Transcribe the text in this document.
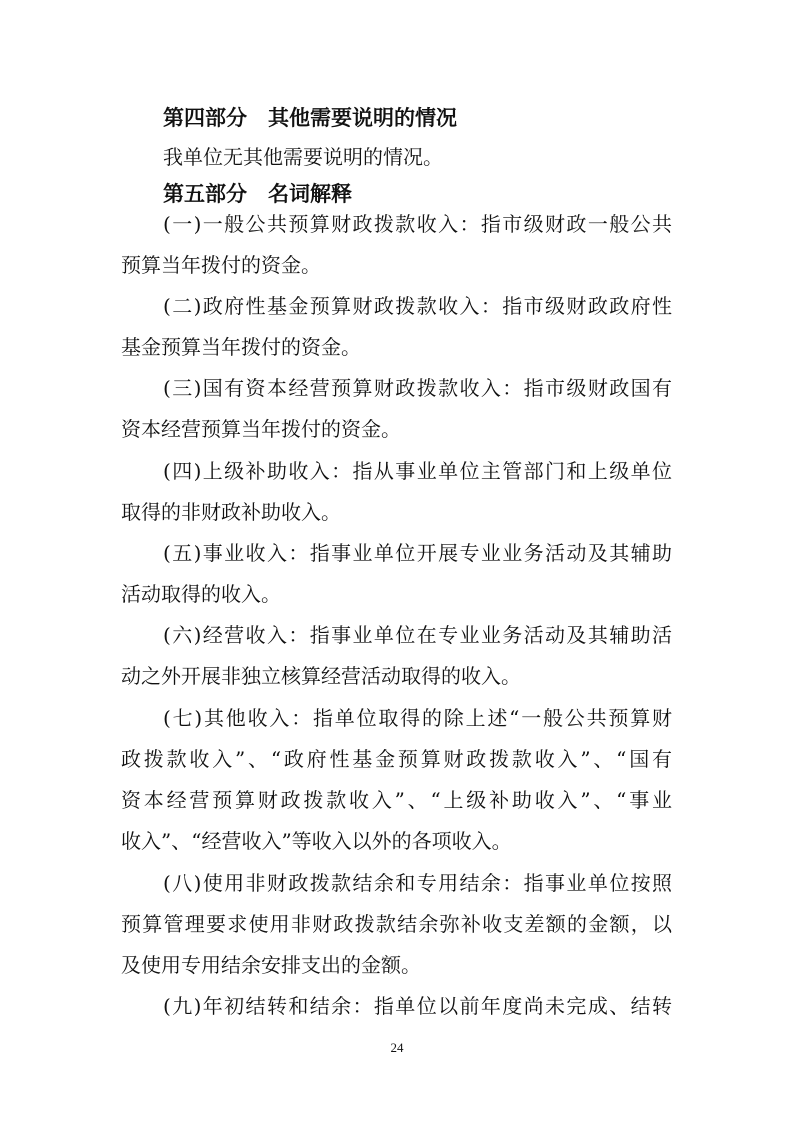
第四部分　其他需要说明的情况
我单位无其他需要说明的情况。
第五部分　名词解释
(一)一般公共预算财政拨款收入：指市级财政一般公共
预算当年拨付的资金。
(二)政府性基金预算财政拨款收入：指市级财政政府性
基金预算当年拨付的资金。
(三)国有资本经营预算财政拨款收入：指市级财政国有
资本经营预算当年拨付的资金。
(四)上级补助收入：指从事业单位主管部门和上级单位
取得的非财政补助收入。
(五)事业收入：指事业单位开展专业业务活动及其辅助
活动取得的收入。
(六)经营收入：指事业单位在专业业务活动及其辅助活
动之外开展非独立核算经营活动取得的收入。
(七)其他收入：指单位取得的除上述“一般公共预算财
政拨款收入”、“政府性基金预算财政拨款收入”、“国有
资本经营预算财政拨款收入”、“上级补助收入”、“事业
收入”、“经营收入”等收入以外的各项收入。
(八)使用非财政拨款结余和专用结余：指事业单位按照
预算管理要求使用非财政拨款结余弥补收支差额的金额，以
及使用专用结余安排支出的金额。
(九)年初结转和结余：指单位以前年度尚未完成、结转
24
